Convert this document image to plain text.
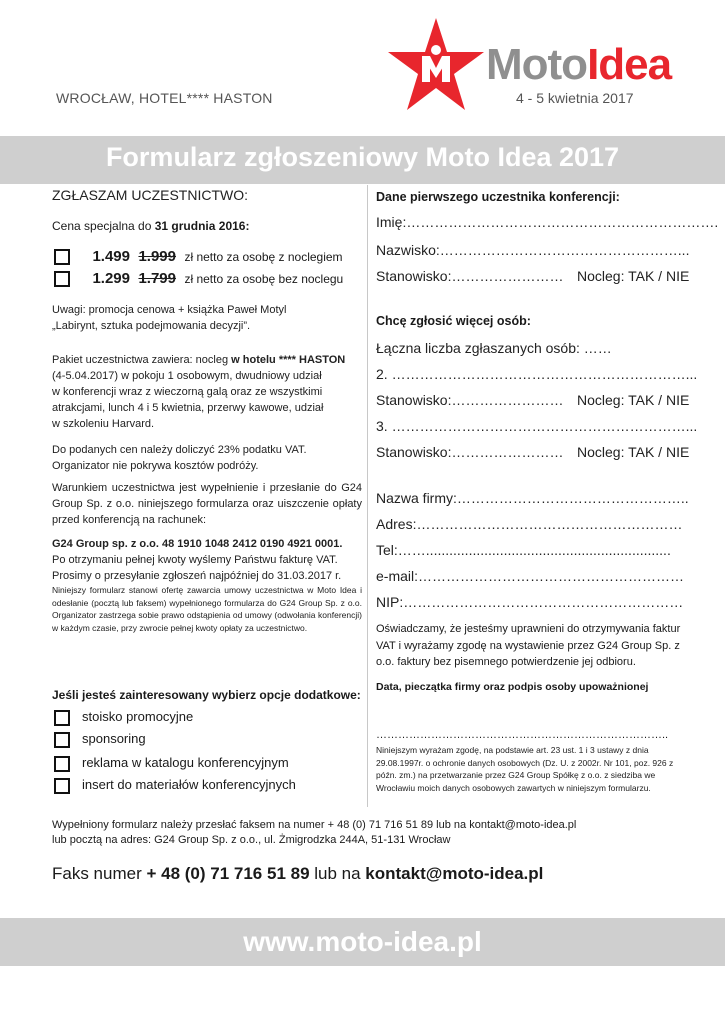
MotoIdea
WROCŁAW, HOTEL**** HASTON	4 - 5 kwietnia 2017
Formularz zgłoszeniowy Moto Idea 2017
ZGŁASZAM UCZESTNICTWO:
Cena specjalna do 31 grudnia 2016:
1.499 1.999 zł netto za osobę z noclegiem
1.299 1.799 zł netto za osobę bez noclegu
Uwagi: promocja cenowa + książka Paweł Motyl
„Labirynt, sztuka podejmowania decyzji”.
Pakiet uczestnictwa zawiera: nocleg w hotelu **** HASTON
(4-5.04.2017) w pokoju 1 osobowym, dwudniowy udział
w konferencji wraz z wieczorną galą oraz ze wszystkimi
atrakcjami, lunch 4 i 5 kwietnia, przerwy kawowe, udział
w szkoleniu Harvard.
Do podanych cen należy doliczyć 23% podatku VAT.
Organizator nie pokrywa kosztów podróży.
Warunkiem uczestnictwa jest wypełnienie i przesłanie do G24 Group Sp. z o.o. niniejszego formularza oraz uiszczenie opłaty przed konferencją na rachunek:
G24 Group sp. z o.o. 48 1910 1048 2412 0190 4921 0001.
Po otrzymaniu pełnej kwoty wyślemy Państwu fakturę VAT.
Prosimy o przesyłanie zgłoszeń najpóźniej do 31.03.2017 r.
Niniejszy formularz stanowi ofertę zawarcia umowy uczestnictwa w Moto Idea i odesłanie (pocztą lub faksem) wypełnionego formularza do G24 Group Sp. z o.o. Organizator zastrzega sobie prawo odstąpienia od umowy (odwołania konferencji) w każdym czasie, przy zwrocie pełnej kwoty opłaty za uczestnictwo.
Jeśli jesteś zainteresowany wybierz opcje dodatkowe:
stoisko promocyjne
sponsoring
reklama w katalogu konferencyjnym
insert do materiałów konferencyjnych
Dane pierwszego uczestnika konferencji:
Imię:………………………………………………………….
Nazwisko:……………………………………………...
Stanowisko:…………………… Nocleg: TAK / NIE
Chcę zgłosić więcej osób:
Łączna liczba zgłaszanych osób: ……
2. ………………………………………………………...
Stanowisko:…………………… Nocleg: TAK / NIE
3. ………………………………………………………...
Stanowisko:…………………… Nocleg: TAK / NIE
Nazwa firmy:…………………………………………..
Adres:…………………………………………………
Tel:……...............................................................
e-mail:…………………………………………………
NIP:……………………………………………………
Oświadczamy, że jesteśmy uprawnieni do otrzymywania faktur VAT i wyrażamy zgodę na wystawienie przez G24 Group Sp. z o.o. faktury bez pisemnego potwierdzenie jej odbioru.
Data, pieczątka firmy oraz podpis osoby upoważnionej
……………………………………………………………………..
Niniejszym wyrażam zgodę, na podstawie art. 23 ust. 1 i 3 ustawy z dnia 29.08.1997r. o ochronie danych osobowych (Dz. U. z 2002r. Nr 101, poz. 926 z późn. zm.) na przetwarzanie przez G24 Group Spółkę z o.o. z siedziba we Wrocławiu moich danych osobowych zawartych w niniejszym formularzu.
Wypełniony formularz należy przesłać faksem na numer + 48 (0) 71 716 51 89 lub na kontakt@moto-idea.pl
lub pocztą na adres: G24 Group Sp. z o.o., ul. Żmigrodzka 244A, 51-131 Wrocław
Faks numer + 48 (0) 71 716 51 89 lub na kontakt@moto-idea.pl
www.moto-idea.pl
